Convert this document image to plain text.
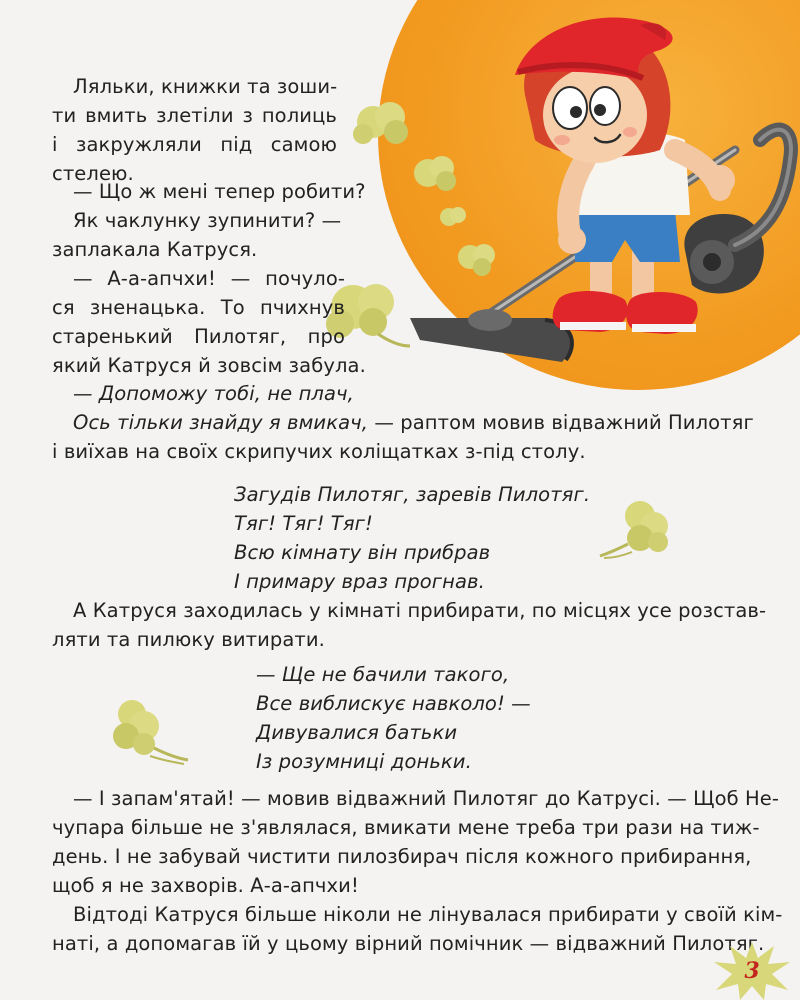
Ляльки, книжки та зоши-
ти вмить злетіли з полиць
і закружляли під самою
стелею.
— Що ж мені тепер робити?
Як чаклунку зупинити? —
заплакала Катруся.
— А-а-апчхи! — почуло-
ся зненацька. То пчихнув
старенький Пилотяг, про
який Катруся й зовсім забула.
— Допоможу тобі, не плач,
Ось тільки знайду я вмикач, — раптом мовив відважний Пилотяг
і виїхав на своїх скрипучих коліщатках з-під столу.
Загудів Пилотяг, заревів Пилотяг.
Тяг! Тяг! Тяг!
Всю кімнату він прибрав
І примару враз прогнав.
А Катруся заходилась у кімнаті прибирати, по місцях усе розстав-
ляти та пилюку витирати.
— Ще не бачили такого,
Все виблискує навколо! —
Дивувалися батьки
Із розумниці доньки.
— І запам'ятай! — мовив відважний Пилотяг до Катрусі. — Щоб Не-
чупара більше не з'являлася, вмикати мене треба три рази на тиж-
день. І не забувай чистити пилозбирач після кожного прибирання,
щоб я не захворів. А-а-апчхи!
Відтоді Катруся більше ніколи не лінувалася прибирати у своїй кім-
наті, а допомагав їй у цьому вірний помічник — відважний Пилотяг.
3
